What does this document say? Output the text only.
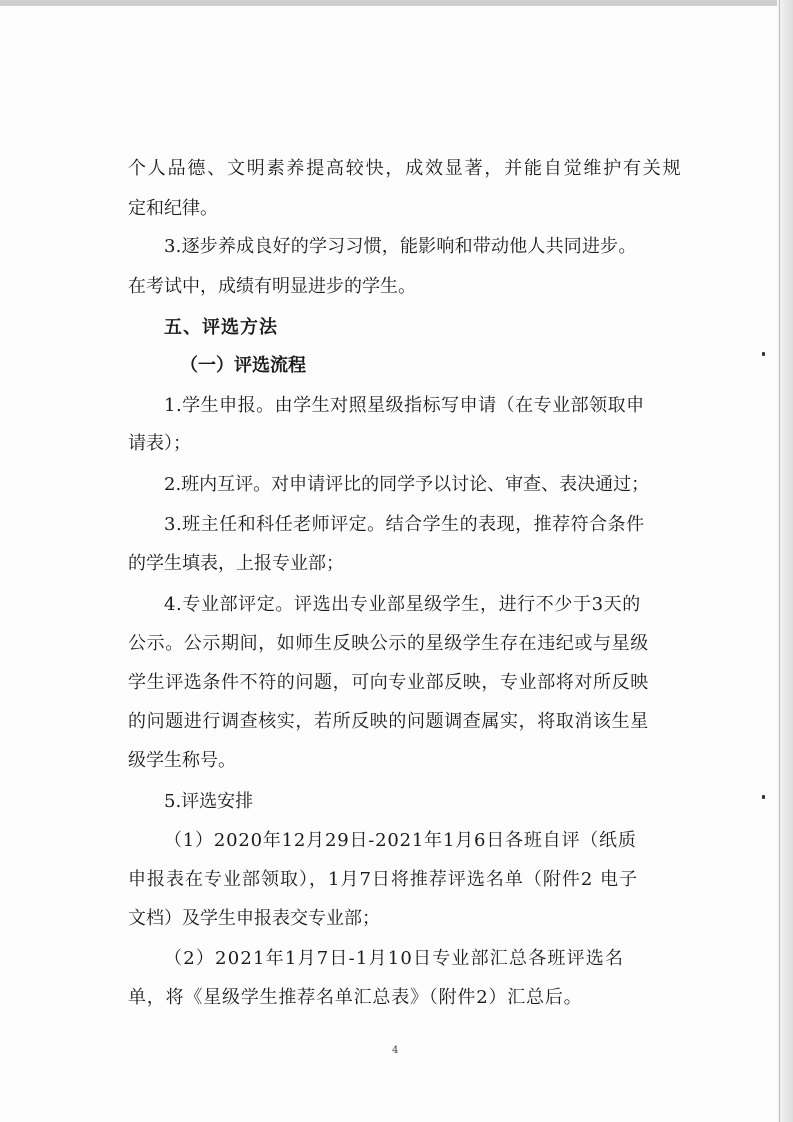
个人品德、文明素养提高较快，成效显著，并能自觉维护有关规
定和纪律。
3.逐步养成良好的学习习惯，能影响和带动他人共同进步。
在考试中，成绩有明显进步的学生。
五、评选方法
（一）评选流程
1.学生申报。由学生对照星级指标写申请（在专业部领取申
请表）；
2.班内互评。对申请评比的同学予以讨论、审查、表决通过；
3.班主任和科任老师评定。结合学生的表现，推荐符合条件
的学生填表，上报专业部；
4.专业部评定。评选出专业部星级学生，进行不少于3天的
公示。公示期间，如师生反映公示的星级学生存在违纪或与星级
学生评选条件不符的问题，可向专业部反映，专业部将对所反映
的问题进行调查核实，若所反映的问题调查属实，将取消该生星
级学生称号。
5.评选安排
（1）2020年12月29日-2021年1月6日各班自评（纸质
申报表在专业部领取），1月7日将推荐评选名单（附件2 电子
文档）及学生申报表交专业部；
（2）2021年1月7日-1月10日专业部汇总各班评选名
单，将《星级学生推荐名单汇总表》（附件2）汇总后。
4
